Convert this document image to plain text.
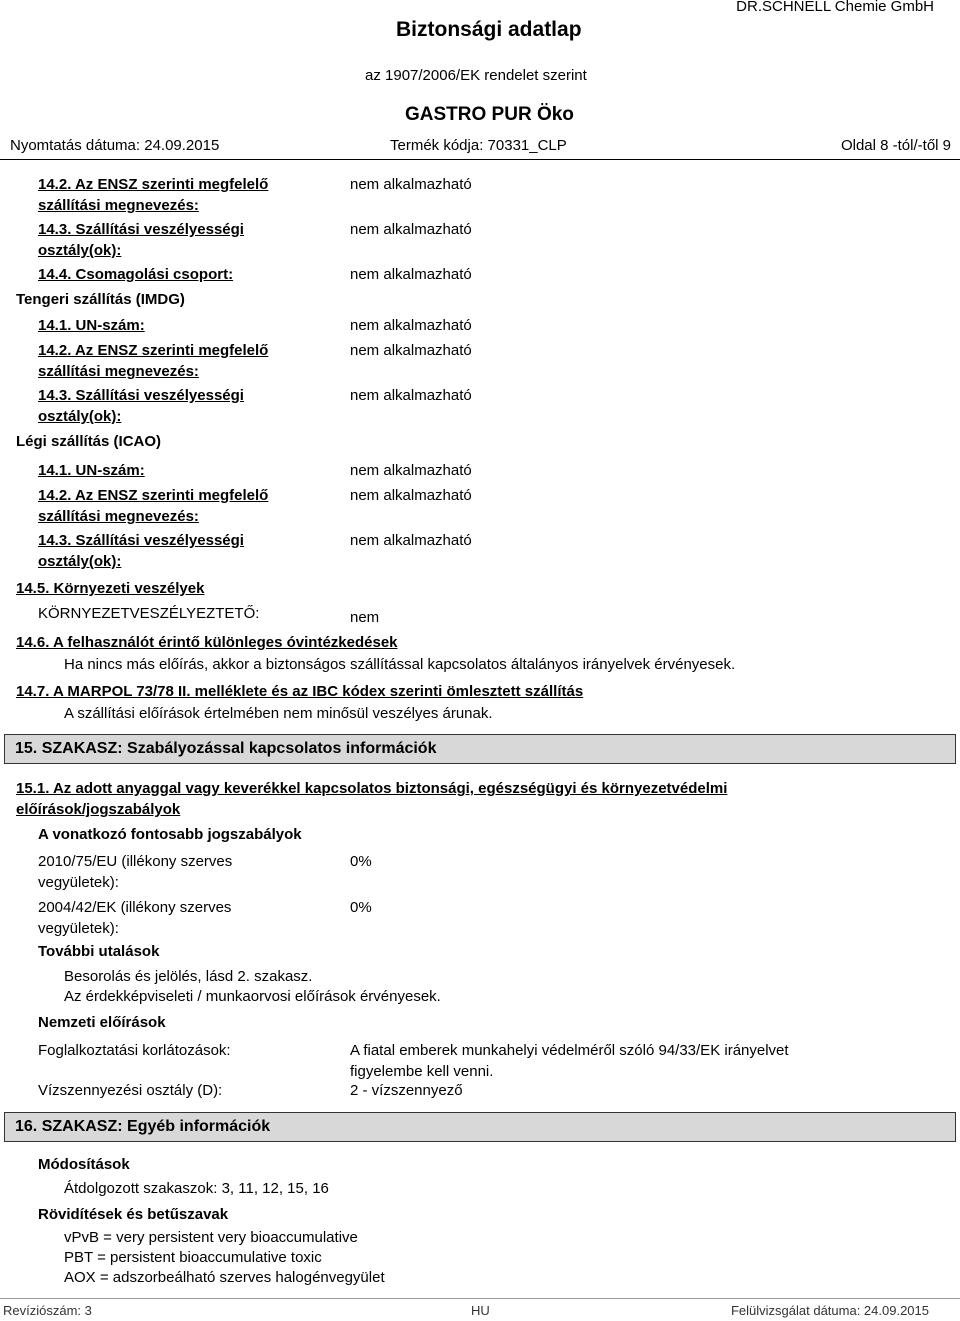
Biztonsági adatlap
DR.SCHNELL Chemie GmbH
az 1907/2006/EK rendelet szerint
GASTRO PUR Öko
Nyomtatás dátuma: 24.09.2015	Termék kódja: 70331_CLP	Oldal 8 -tól/-től 9
14.2. Az ENSZ szerinti megfelelő szállítási megnevezés:
nem alkalmazható
14.3. Szállítási veszélyességi osztály(ok):
nem alkalmazható
14.4. Csomagolási csoport:	nem alkalmazható
Tengeri szállítás (IMDG)
14.1. UN-szám:	nem alkalmazható
14.2. Az ENSZ szerinti megfelelő szállítási megnevezés:
nem alkalmazható
14.3. Szállítási veszélyességi osztály(ok):
nem alkalmazható
Légi szállítás (ICAO)
14.1. UN-szám:	nem alkalmazható
14.2. Az ENSZ szerinti megfelelő szállítási megnevezés:
nem alkalmazható
14.3. Szállítási veszélyességi osztály(ok):
nem alkalmazható
14.5. Környezeti veszélyek
KÖRNYEZETVESZÉLYEZTETŐ:	nem
14.6. A felhasználót érintő különleges óvintézkedések
Ha nincs más előírás, akkor a biztonságos szállítással kapcsolatos általányos irányelvek érvényesek.
14.7. A MARPOL 73/78 II. melléklete és az IBC kódex szerinti ömlesztett szállítás
A szállítási előírások értelmében nem minősül veszélyes árunak.
15. SZAKASZ: Szabályozással kapcsolatos információk
15.1. Az adott anyaggal vagy keverékkel kapcsolatos biztonsági, egészségügyi és környezetvédelmi előírások/jogszabályok
A vonatkozó fontosabb jogszabályok
2010/75/EU (illékony szerves vegyületek):
0%
2004/42/EK (illékony szerves vegyületek):
0%
További utalások
Besorolás és jelölés, lásd 2. szakasz.
Az érdekképviseleti / munkaorvosi előírások érvényesek.
Nemzeti előírások
Foglalkoztatási korlátozások:	A fiatal emberek munkahelyi védelméről szóló 94/33/EK irányelvet figyelembe kell venni.
Vízszennyezési osztály (D):	2 - vízszennyező
16. SZAKASZ: Egyéb információk
Módosítások
Átdolgozott szakaszok: 3, 11, 12, 15, 16
Rövidítések és betűszavak
vPvB = very persistent very bioaccumulative
PBT = persistent bioaccumulative toxic
AOX = adszorbeálható szerves halogénvegyület
Revíziószám: 3	HU	Felülvizsgálat dátuma: 24.09.2015
